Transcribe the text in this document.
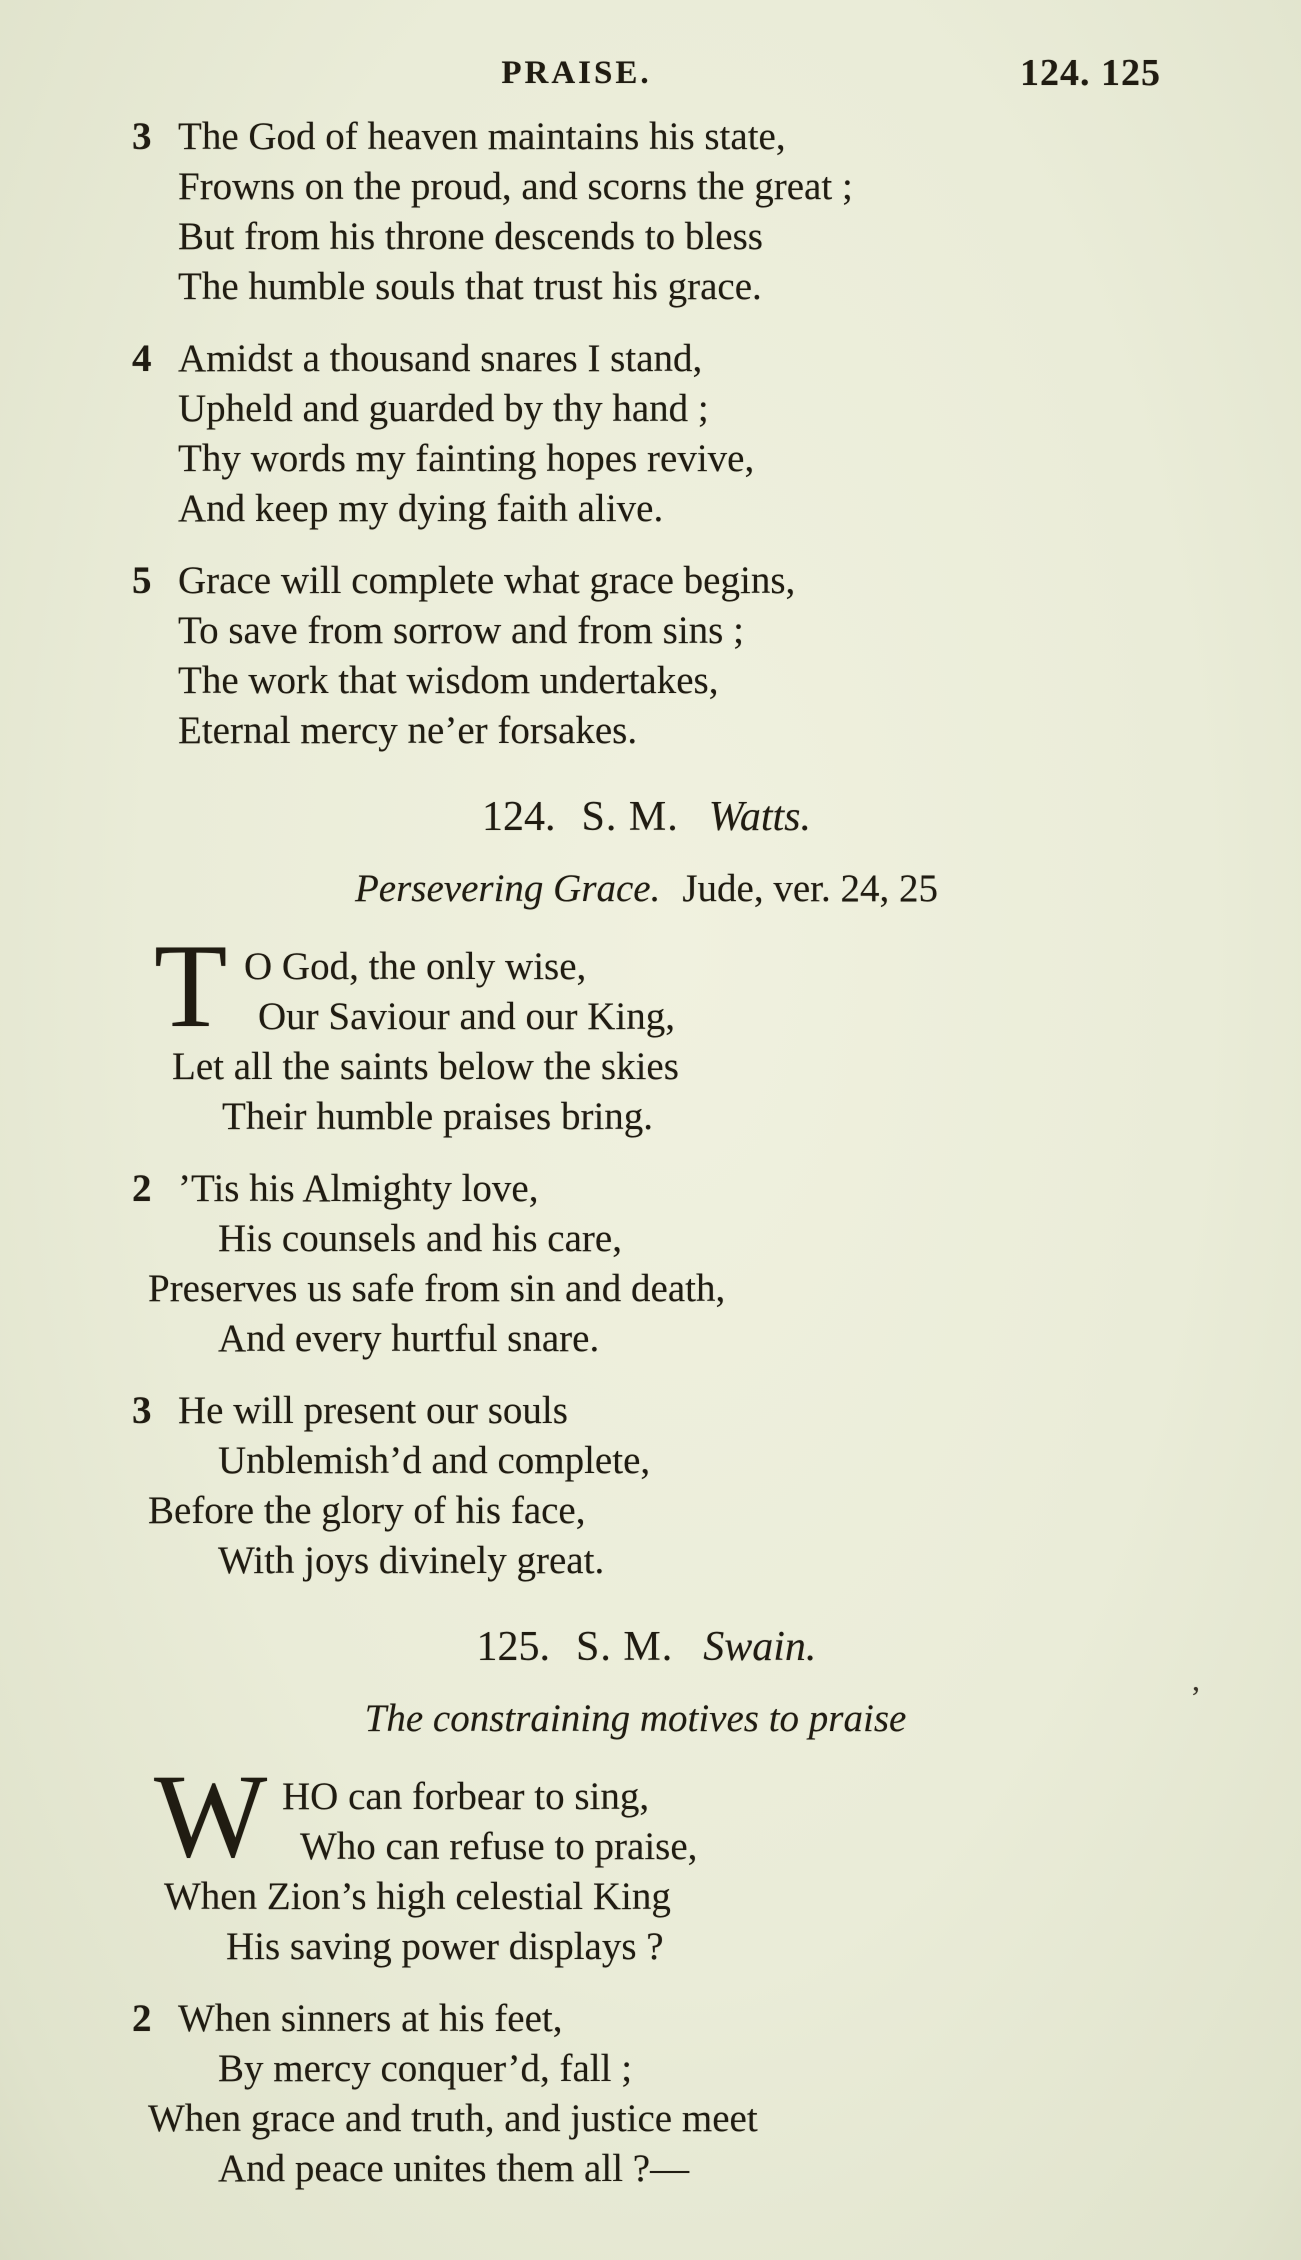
PRAISE.	124. 125
3 The God of heaven maintains his state,
Frowns on the proud, and scorns the great ;
But from his throne descends to bless
The humble souls that trust his grace.
4 Amidst a thousand snares I stand,
Upheld and guarded by thy hand ;
Thy words my fainting hopes revive,
And keep my dying faith alive.
5 Grace will complete what grace begins,
To save from sorrow and from sins ;
The work that wisdom undertakes,
Eternal mercy ne’er forsakes.
124. S. M. Watts.
Persevering Grace. Jude, ver. 24, 25
T O God, the only wise,
Our Saviour and our King,
Let all the saints below the skies
Their humble praises bring.
2 ’Tis his Almighty love,
His counsels and his care,
Preserves us safe from sin and death,
And every hurtful snare.
3 He will present our souls
Unblemish’d and complete,
Before the glory of his face,
With joys divinely great.
125. S. M. Swain.
The constraining motives to praise
W HO can forbear to sing,
Who can refuse to praise,
When Zion’s high celestial King
His saving power displays ?
2 When sinners at his feet,
By mercy conquer’d, fall ;
When grace and truth, and justice meet
And peace unites them all ?—
’
